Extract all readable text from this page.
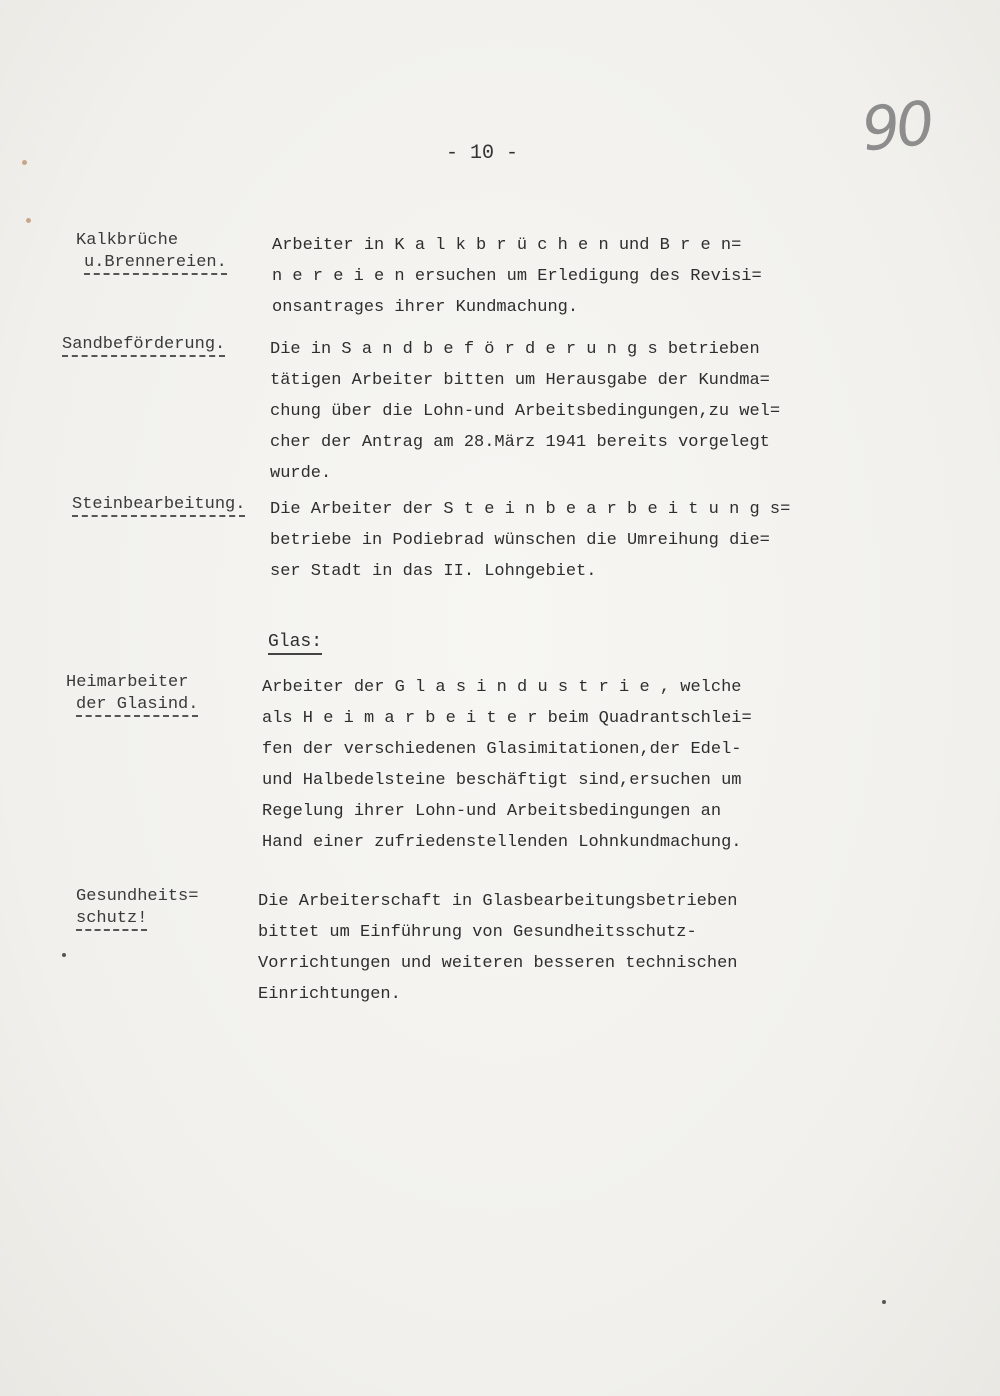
90
- 10 -
Kalkbrüche
u.Brennereien.
Arbeiter in K a l k b r ü c h e n und B r e n=
n e r e i e n ersuchen um Erledigung des Revisi=
onsantrages ihrer Kundmachung.
Sandbeförderung.	Die in S a n d b e f ö r d e r u n g s betrieben
tätigen Arbeiter bitten um Herausgabe der Kundma=
chung über die Lohn-und Arbeitsbedingungen,zu wel=
cher der Antrag am 28.März 1941 bereits vorgelegt
wurde.
Steinbearbeitung. Die Arbeiter der S t e i n b e a r b e i t u n g s=
betriebe in Podiebrad wünschen die Umreihung die=
ser Stadt in das II. Lohngebiet.
Glas:
Heimarbeiter
der Glasind.
Arbeiter der G l a s i n d u s t r i e , welche
als H e i m a r b e i t e r beim Quadrantschlei=
fen der verschiedenen Glasimitationen,der Edel-
und Halbedelsteine beschäftigt sind,ersuchen um
Regelung ihrer Lohn-und Arbeitsbedingungen an
Hand einer zufriedenstellenden Lohnkundmachung.
Gesundheits=
schutz!
Die Arbeiterschaft in Glasbearbeitungsbetrieben
bittet um Einführung von Gesundheitsschutz-
Vorrichtungen und weiteren besseren technischen
Einrichtungen.
